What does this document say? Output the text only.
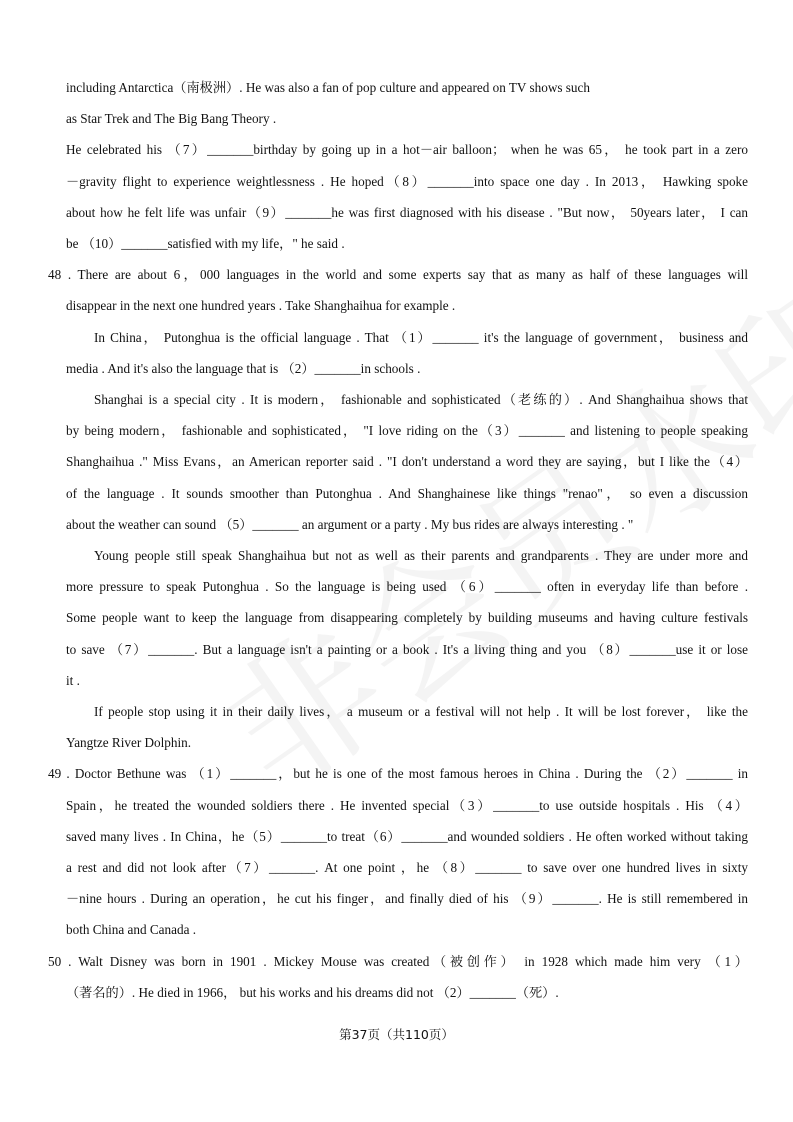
including Antarctica（南极洲）. He was also a fan of pop culture and appeared on TV shows such
as Star Trek and The Big Bang Theory .
He celebrated his （7）_______birthday by going up in a hot－air balloon； when he was 65， he took part in a zero
－gravity flight to experience weightlessness . He hoped（8）_______into space one day . In 2013， Hawking spoke
about how he felt life was unfair（9）_______he was first diagnosed with his disease . "But now， 50years later， I can
be （10）_______satisfied with my life，" he said .
48 . There are about 6，000 languages in the world and some experts say that as many as half of these languages will
disappear in the next one hundred years . Take Shanghaihua for example .
In China， Putonghua is the official language . That （1）_______ it's the language of government， business and
media . And it's also the language that is （2）_______in schools .
Shanghai is a special city . It is modern， fashionable and sophisticated（老练的）. And Shanghaihua shows that
by being modern， fashionable and sophisticated， "I love riding on the（3）_______ and listening to people speaking
Shanghaihua ." Miss Evans，an American reporter said . "I don't understand a word they are saying，but I like the（4）
of the language . It sounds smoother than Putonghua . And Shanghainese like things "renao"， so even a discussion
about the weather can sound （5）_______ an argument or a party . My bus rides are always interesting . "
Young people still speak Shanghaihua but not as well as their parents and grandparents . They are under more and
more pressure to speak Putonghua . So the language is being used （6）_______ often in everyday life than before .
Some people want to keep the language from disappearing completely by building museums and having culture festivals
to save （7）_______. But a language isn't a painting or a book . It's a living thing and you （8）_______use it or lose
it .
If people stop using it in their daily lives， a museum or a festival will not help . It will be lost forever， like the
Yangtze River Dolphin.
49 . Doctor Bethune was （1）_______，but he is one of the most famous heroes in China . During the （2）_______ in
Spain，he treated the wounded soldiers there . He invented special（3）_______to use outside hospitals . His （4）
saved many lives . In China，he（5）_______to treat（6）_______and wounded soldiers . He often worked without taking
a rest and did not look after（7）_______. At one point ，he （8）_______ to save over one hundred lives in sixty
－nine hours . During an operation，he cut his finger，and finally died of his （9）_______. He is still remembered in
both China and Canada .
50 . Walt Disney was born in 1901 . Mickey Mouse was created（被创作） in 1928 which made him very （1）
（著名的）. He died in 1966， but his works and his dreams did not （2）_______（死）.
第37页（共110页）
